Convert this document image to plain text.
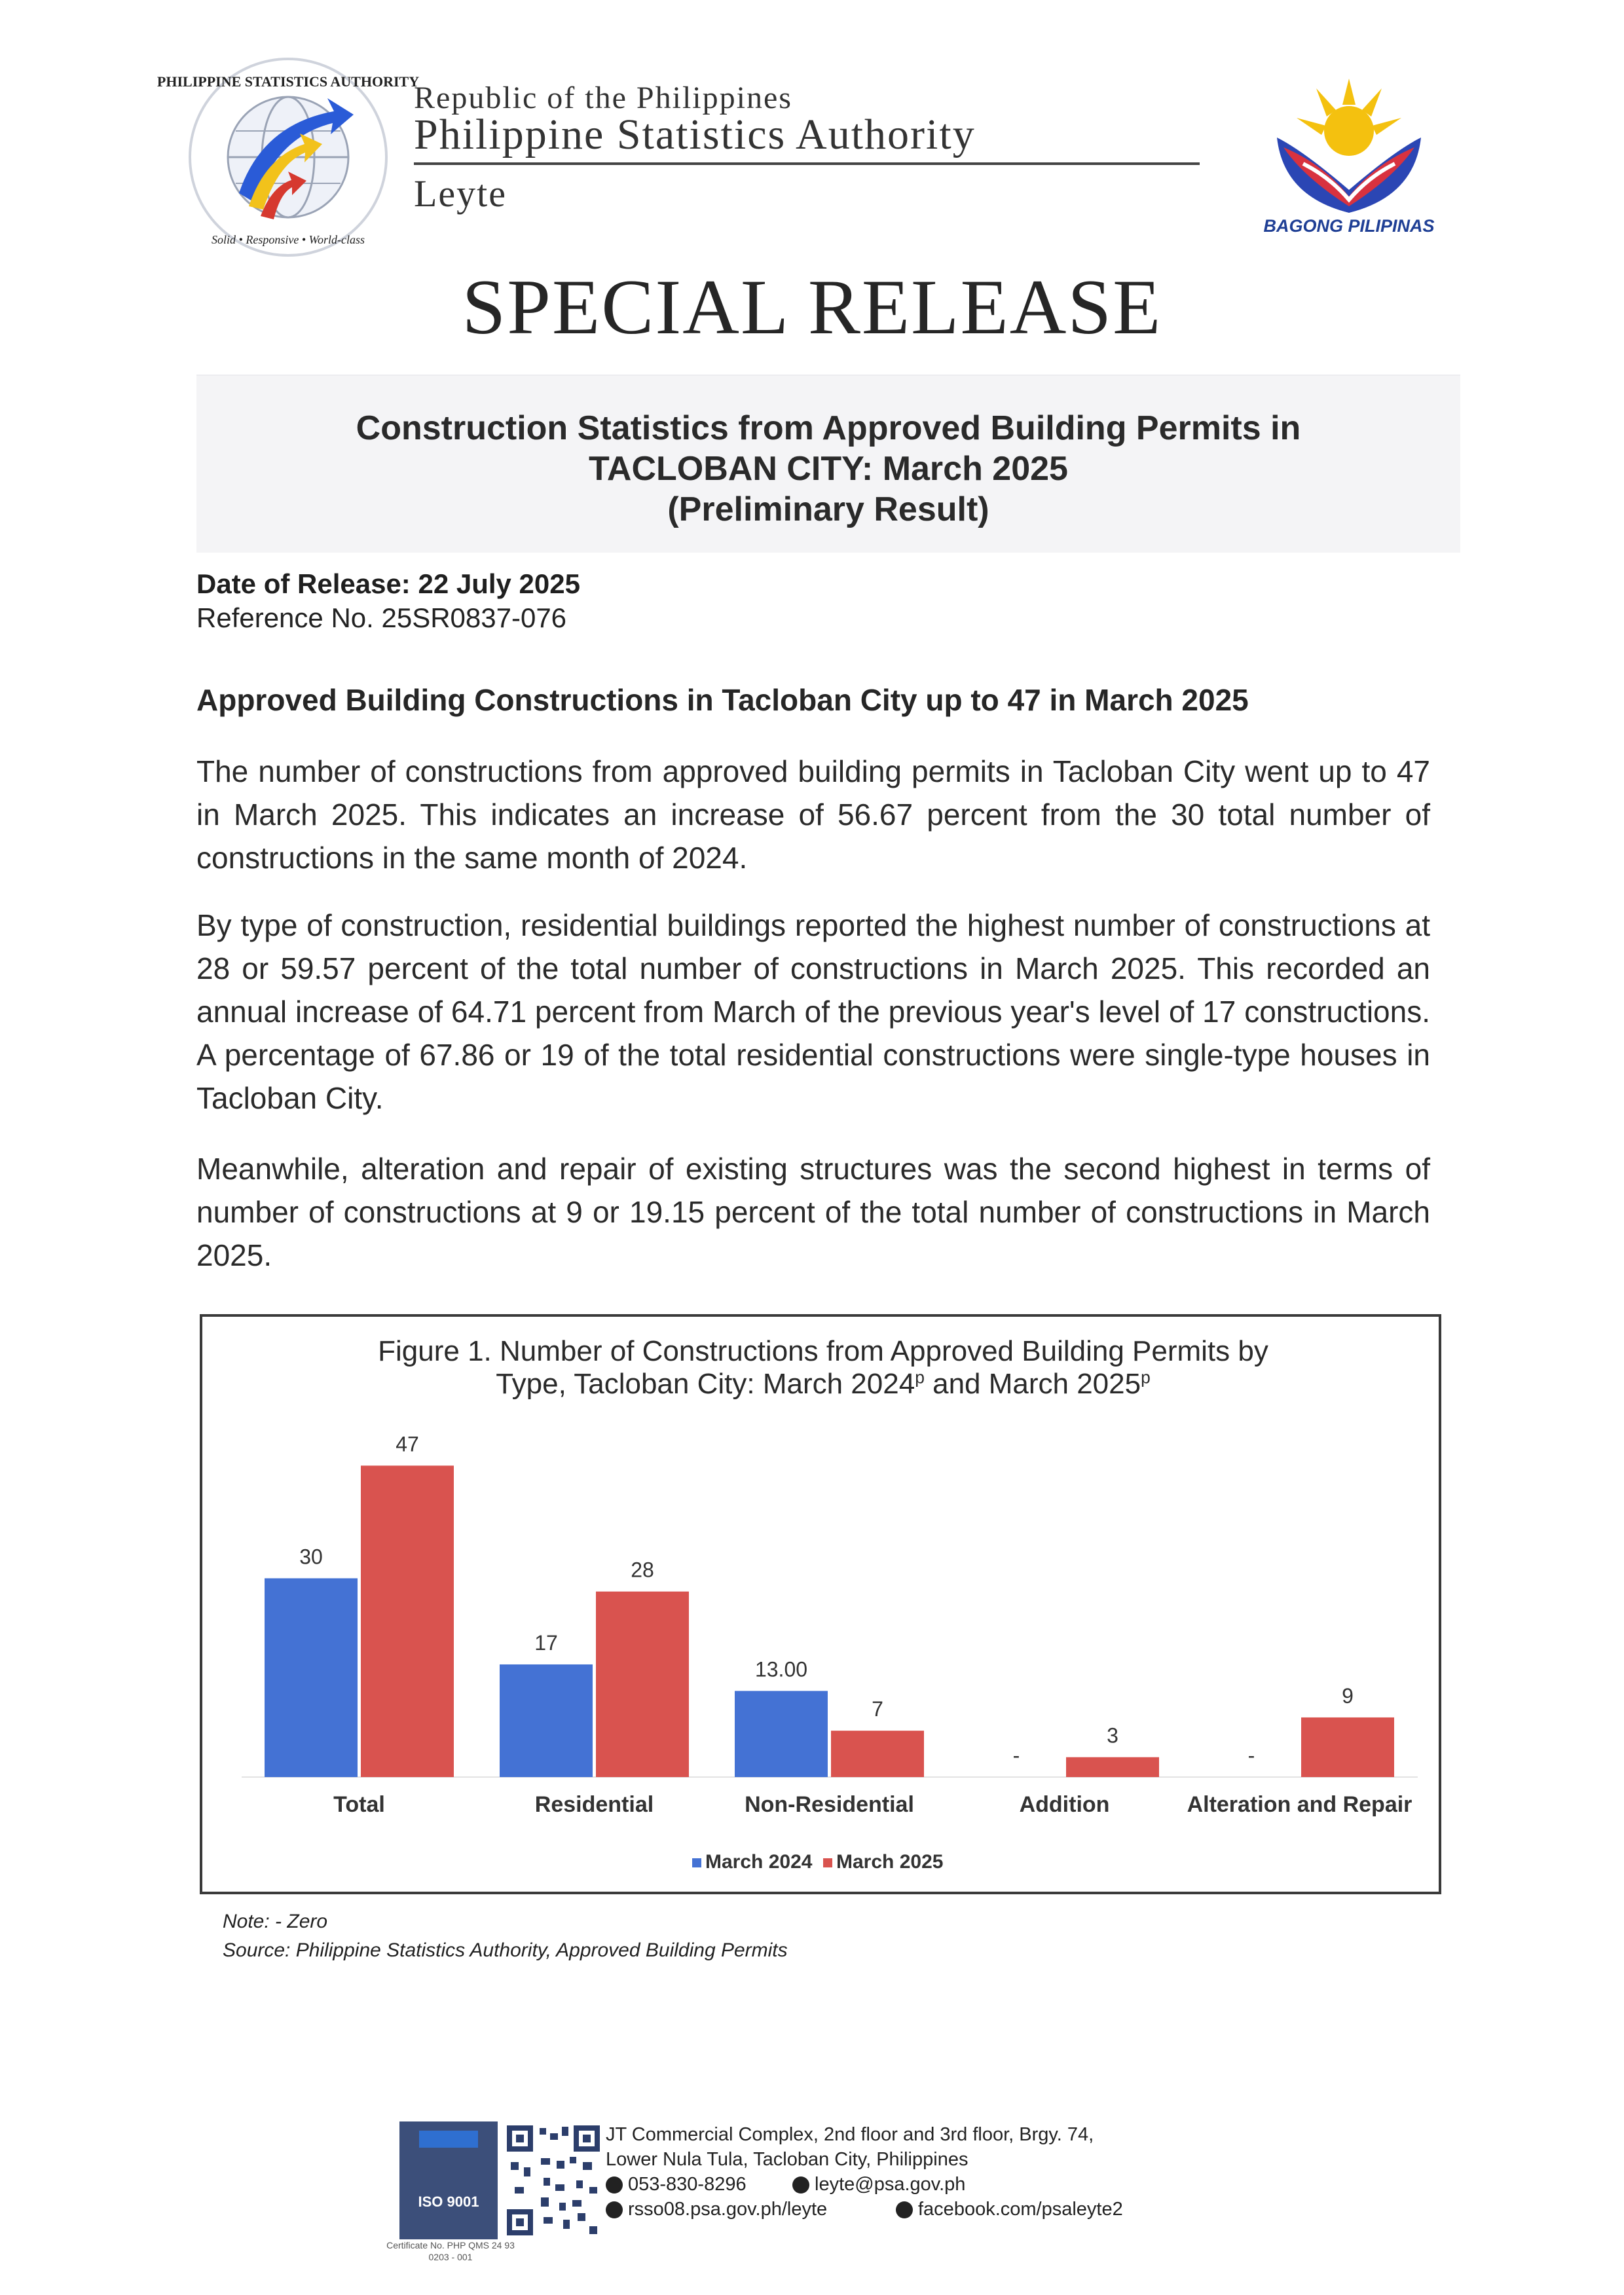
PHILIPPINE STATISTICS AUTHORITY
Solid • Responsive • World-class
Republic of the Philippines
Philippine Statistics Authority
Leyte
BAGONG PILIPINAS
SPECIAL RELEASE
Construction Statistics from Approved Building Permits in
TACLOBAN CITY: March 2025
(Preliminary Result)
Date of Release: 22 July 2025
Reference No. 25SR0837-076
Approved Building Constructions in Tacloban City up to 47 in March 2025

The number of constructions from approved building permits in Tacloban City went up to 47 in March 2025. This indicates an increase of 56.67 percent from the 30 total number of constructions in the same month of 2024.

By type of construction, residential buildings reported the highest number of constructions at 28 or 59.57 percent of the total number of constructions in March 2025. This recorded an annual increase of 64.71 percent from March of the previous year's level of 17 constructions. A percentage of 67.86 or 19 of the total residential constructions were single-type houses in Tacloban City.

Meanwhile, alteration and repair of existing structures was the second highest in terms of number of constructions at 9 or 19.15 percent of the total number of constructions in March 2025.

Figure 1. Number of Constructions from Approved Building Permits by
Type, Tacloban City: March 2024$^p$ and March 2025$^p$
30
47
Total
17
28
Residential
13.00
7
Non-Residential
-
3
Addition
-
9
Alteration and Repair
March 2024 March 2025
Note: - Zero
Source: Philippine Statistics Authority, Approved Building Permits
ISO 9001
Certificate No. PHP QMS 24 93 0203 - 001
JT Commercial Complex, 2nd floor and 3rd floor, Brgy. 74,
Lower Nula Tula, Tacloban City, Philippines
053-830-8296	leyte@psa.gov.ph
rsso08.psa.gov.ph/leyte	facebook.com/psaleyte2
